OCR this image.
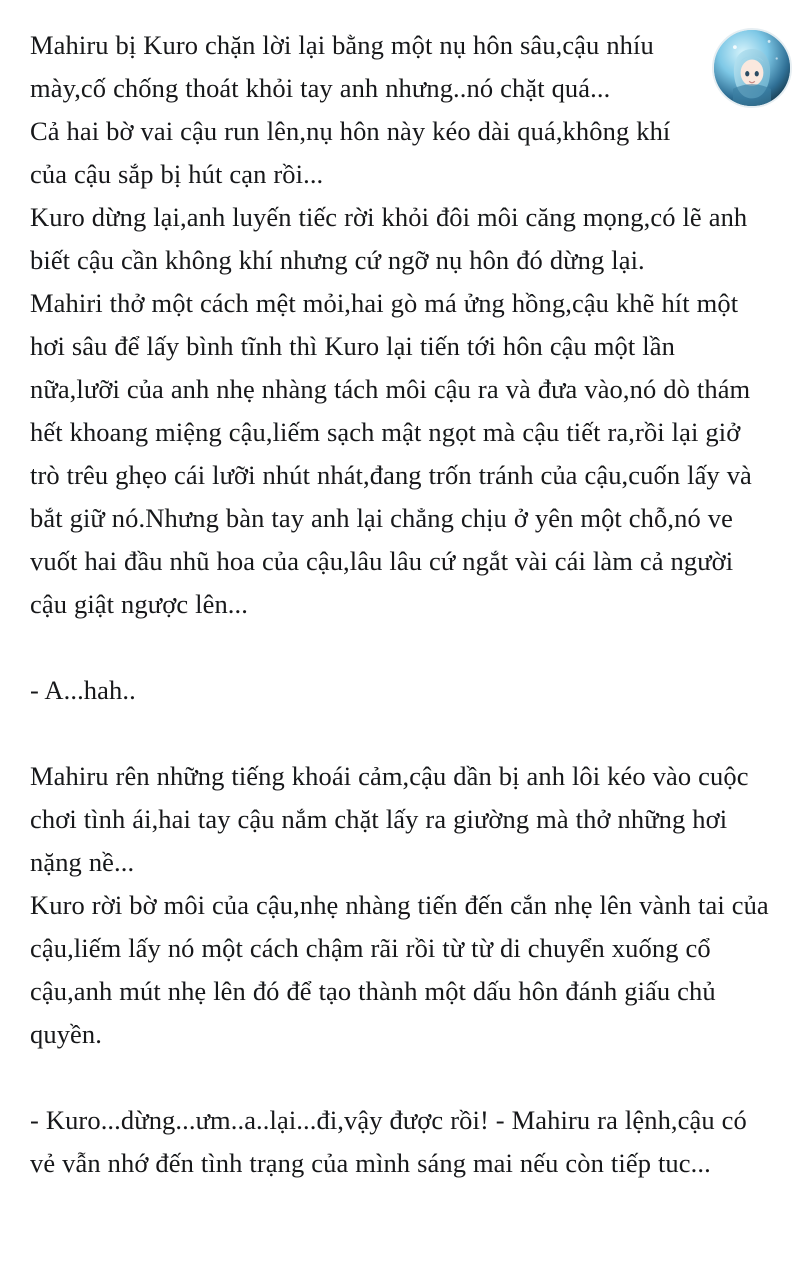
Mahiru bị Kuro chặn lời lại bằng một nụ hôn sâu,cậu nhíu mày,cố chống thoát khỏi tay anh nhưng..nó chặt quá...

Cả hai bờ vai cậu run lên,nụ hôn này kéo dài quá,không khí của cậu sắp bị hút cạn rồi...

Kuro dừng lại,anh luyến tiếc rời khỏi đôi môi căng mọng,có lẽ anh biết cậu cần không khí nhưng cứ ngỡ nụ hôn đó dừng lại.

Mahiri thở một cách mệt mỏi,hai gò má ửng hồng,cậu khẽ hít một hơi sâu để lấy bình tĩnh thì Kuro lại tiến tới hôn cậu một lần nữa,lưỡi của anh nhẹ nhàng tách môi cậu ra và đưa vào,nó dò thám hết khoang miệng cậu,liếm sạch mật ngọt mà cậu tiết ra,rồi lại giở trò trêu ghẹo cái lưỡi nhút nhát,đang trốn tránh của cậu,cuốn lấy và bắt giữ nó.Nhưng bàn tay anh lại chẳng chịu ở yên một chỗ,nó ve vuốt hai đầu nhũ hoa của cậu,lâu lâu cứ ngắt vài cái làm cả người cậu giật ngược lên...

- A...hah..

Mahiru rên những tiếng khoái cảm,cậu dần bị anh lôi kéo vào cuộc chơi tình ái,hai tay cậu nắm chặt lấy ra giường mà thở những hơi nặng nề...

Kuro rời bờ môi của cậu,nhẹ nhàng tiến đến cắn nhẹ lên vành tai của cậu,liếm lấy nó một cách chậm rãi rồi từ từ di chuyển xuống cổ cậu,anh mút nhẹ lên đó để tạo thành một dấu hôn đánh giấu chủ quyền.

- Kuro...dừng...ưm..a..lại...đi,vậy được rồi! - Mahiru ra lệnh,cậu có vẻ vẫn nhớ đến tình trạng của mình sáng mai nếu còn tiếp tuc...
